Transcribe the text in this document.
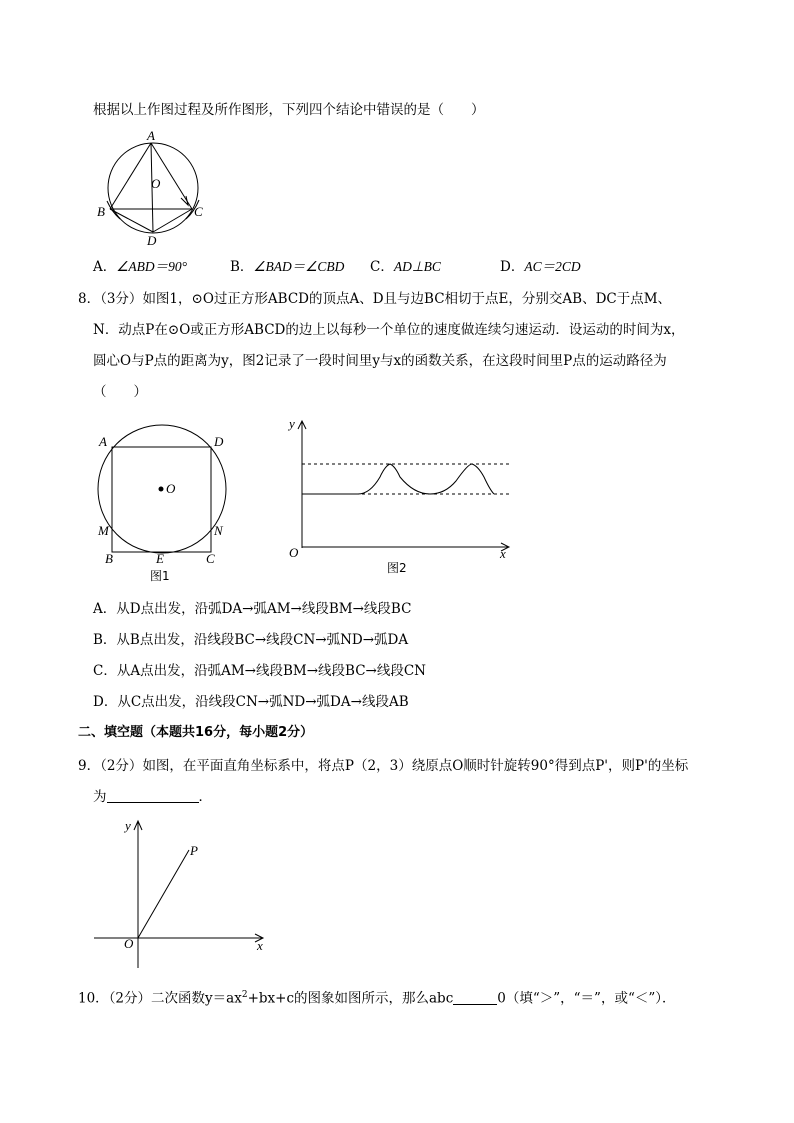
根据以上作图过程及所作图形，下列四个结论中错误的是（　　）
A
O
B	C
D
A．∠ABD＝90°	B．∠BAD＝∠CBD C．AD⊥BC	D．AC＝2CD
8．（3分）如图1，⊙O过正方形ABCD的顶点A、D且与边BC相切于点E，分别交AB、DC于点M、
N．动点P在⊙O或正方形ABCD的边上以每秒一个单位的速度做连续匀速运动．设运动的时间为x，
圆心O与P点的距离为y，图2记录了一段时间里y与x的函数关系，在这段时间里P点的运动路径为
（　　）
A	D
O
M	N
B	E	C
图1
y
O	x
图2
A．从D点出发，沿弧DA→弧AM→线段BM→线段BC
B．从B点出发，沿线段BC→线段CN→弧ND→弧DA
C．从A点出发，沿弧AM→线段BM→线段BC→线段CN
D．从C点出发，沿线段CN→弧ND→弧DA→线段AB
二、填空题（本题共16分，每小题2分）
9．（2分）如图，在平面直角坐标系中，将点P（2，3）绕原点O顺时针旋转90°得到点P'，则P'的坐标
为	．
y
P
O	x
10．（2分）二次函数$y=ax^2+bx+c$的图象如图所示，那么abc	0（填“＞”，“＝”，或“＜”）．
